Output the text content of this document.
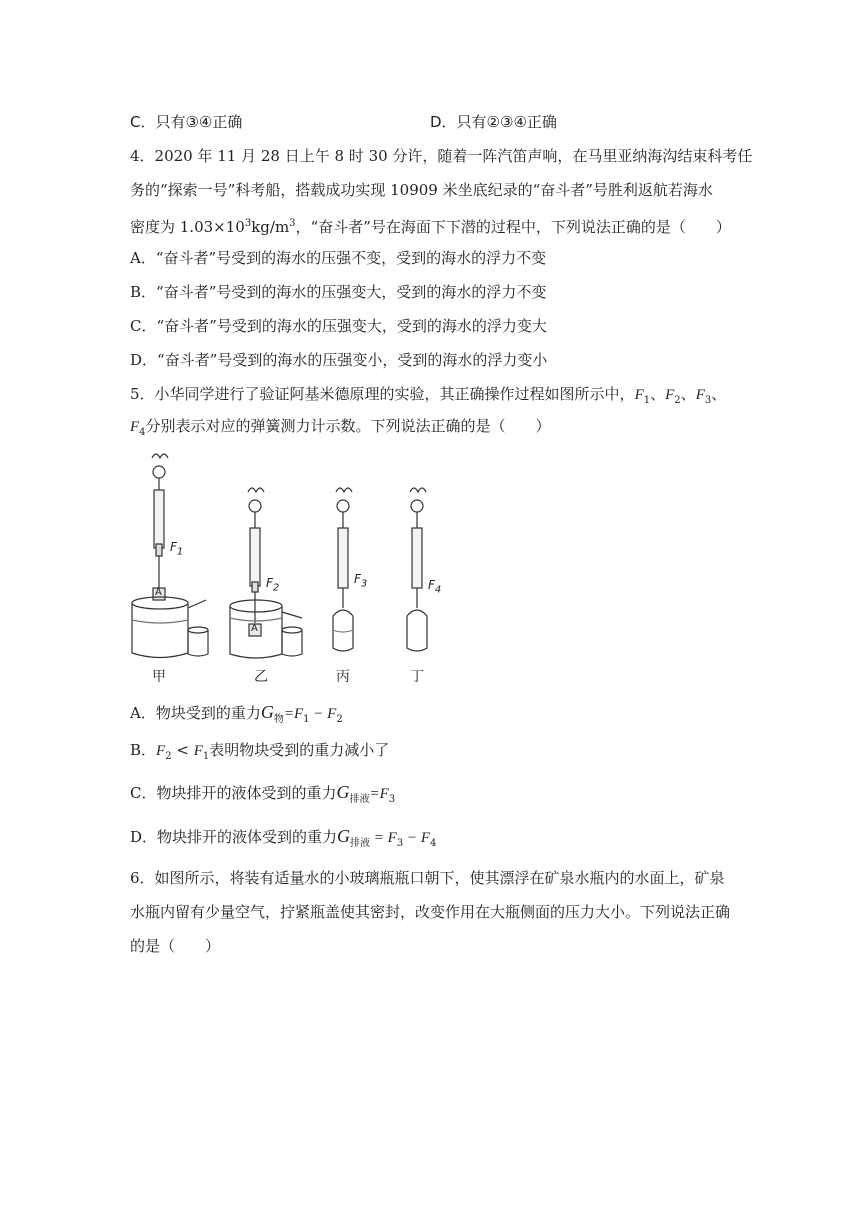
C．只有③④正确	D．只有②③④正确
4．2020 年 11 月 28 日上午 8 时 30 分许，随着一阵汽笛声响，在马里亚纳海沟结束科考任
务的“探索一号”科考船，搭载成功实现 10909 米坐底纪录的“奋斗者”号胜利返航若海水
密度为 $1.03\times 10^3kg/m^3$，“奋斗者”号在海面下下潜的过程中，下列说法正确的是（　　）
A．“奋斗者”号受到的海水的压强不变，受到的海水的浮力不变
B．“奋斗者”号受到的海水的压强变大，受到的海水的浮力不变
C．“奋斗者”号受到的海水的压强变大，受到的海水的浮力变大
D．“奋斗者”号受到的海水的压强变小，受到的海水的浮力变小
5．小华同学进行了验证阿基米德原理的实验，其正确操作过程如图所示中，$F_1$、$F_2$、$F_3$、
$F_4$分别表示对应的弹簧测力计示数。下列说法正确的是（　　）
$F_1$
$F_2$
$F_3$	$F_4$
A
A
甲	乙	丙	丁
A．物块受到的重力$G_物=F_1 - F_2$
B．$F_2 < F_1$表明物块受到的重力减小了
C．物块排开的液体受到的重力$G_{排液}=F_3$
D．物块排开的液体受到的重力$G_{排液} = F_3 - F_4$
6．如图所示，将装有适量水的小玻璃瓶瓶口朝下，使其漂浮在矿泉水瓶内的水面上，矿泉
水瓶内留有少量空气，拧紧瓶盖使其密封，改变作用在大瓶侧面的压力大小。下列说法正确
的是（　　）
